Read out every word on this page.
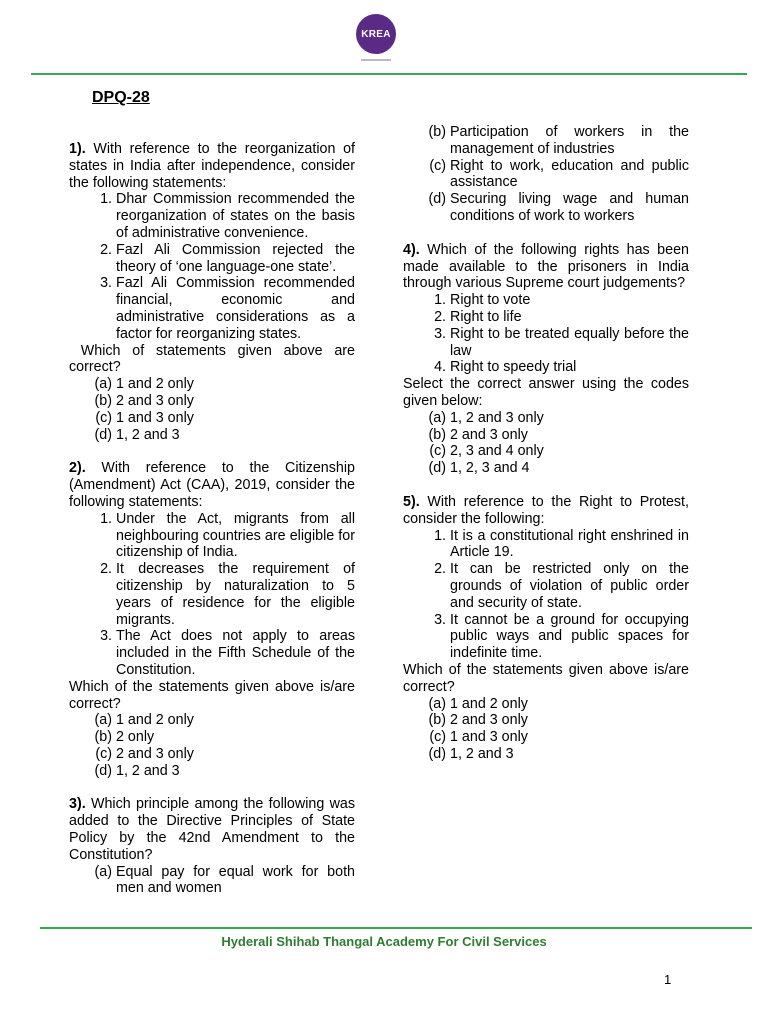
KREA
DPQ-28
1). With reference to the reorganization of states in India after independence, consider the following statements:
1. Dhar Commission recommended the reorganization of states on the basis of administrative convenience.
2. Fazl Ali Commission rejected the theory of ‘one language-one state’.
3. Fazl Ali Commission recommended financial, economic and administrative considerations as a factor for reorganizing states.
Which of statements given above are correct?
(a) 1 and 2 only
(b) 2 and 3 only
(c) 1 and 3 only
(d) 1, 2 and 3
2). With reference to the Citizenship (Amendment) Act (CAA), 2019, consider the following statements:
1. Under the Act, migrants from all neighbouring countries are eligible for citizenship of India.
2. It decreases the requirement of citizenship by naturalization to 5 years of residence for the eligible migrants.
3. The Act does not apply to areas included in the Fifth Schedule of the Constitution.
Which of the statements given above is/are correct?
(a) 1 and 2 only
(b) 2 only
(c) 2 and 3 only
(d) 1, 2 and 3
3). Which principle among the following was added to the Directive Principles of State Policy by the 42nd Amendment to the Constitution?
(a) Equal pay for equal work for both men and women
(b) Participation of workers in the management of industries
(c) Right to work, education and public assistance
(d) Securing living wage and human conditions of work to workers
4). Which of the following rights has been made available to the prisoners in India through various Supreme court judgements?
1. Right to vote
2. Right to life
3. Right to be treated equally before the law
4. Right to speedy trial
Select the correct answer using the codes given below:
(a) 1, 2 and 3 only
(b) 2 and 3 only
(c) 2, 3 and 4 only
(d) 1, 2, 3 and 4
5). With reference to the Right to Protest, consider the following:
1. It is a constitutional right enshrined in Article 19.
2. It can be restricted only on the grounds of violation of public order and security of state.
3. It cannot be a ground for occupying public ways and public spaces for indefinite time.
Which of the statements given above is/are correct?
(a) 1 and 2 only
(b) 2 and 3 only
(c) 1 and 3 only
(d) 1, 2 and 3
Hyderali Shihab Thangal Academy For Civil Services
1
